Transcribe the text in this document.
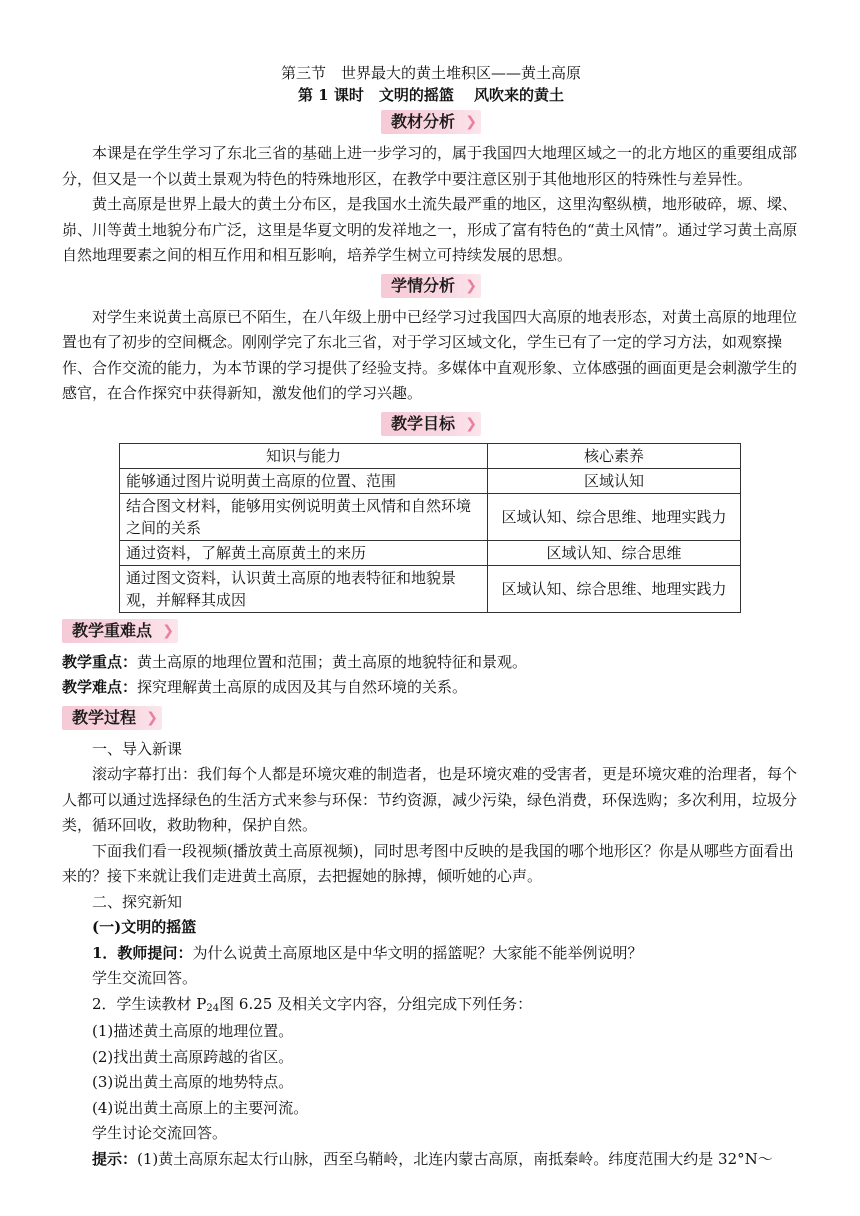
第三节　世界最大的黄土堆积区——黄土高原
第 1 课时　文明的摇篮　 风吹来的黄土
教材分析 ❯

本课是在学生学习了东北三省的基础上进一步学习的，属于我国四大地理区域之一的北方地区的重要组成部分，但又是一个以黄土景观为特色的特殊地形区，在教学中要注意区别于其他地形区的特殊性与差异性。

黄土高原是世界上最大的黄土分布区，是我国水土流失最严重的地区，这里沟壑纵横，地形破碎，塬、墚、峁、川等黄土地貌分布广泛，这里是华夏文明的发祥地之一，形成了富有特色的“黄土风情”。通过学习黄土高原自然地理要素之间的相互作用和相互影响，培养学生树立可持续发展的思想。

学情分析 ❯

对学生来说黄土高原已不陌生，在八年级上册中已经学习过我国四大高原的地表形态，对黄土高原的地理位置也有了初步的空间概念。刚刚学完了东北三省，对于学习区域文化，学生已有了一定的学习方法，如观察操作、合作交流的能力，为本节课的学习提供了经验支持。多媒体中直观形象、立体感强的画面更是会刺激学生的感官，在合作探究中获得新知，激发他们的学习兴趣。

教学目标 ❯
知识与能力	核心素养
能够通过图片说明黄土高原的位置、范围	区域认知
结合图文材料，能够用实例说明黄土风情和自然环境之间的关系	区域认知、综合思维、地理实践力
通过资料，了解黄土高原黄土的来历	区域认知、综合思维
通过图文资料，认识黄土高原的地表特征和地貌景观，并解释其成因	区域认知、综合思维、地理实践力
教学重难点 ❯

教学重点：黄土高原的地理位置和范围；黄土高原的地貌特征和景观。

教学难点：探究理解黄土高原的成因及其与自然环境的关系。

教学过程 ❯

一、导入新课

滚动字幕打出：我们每个人都是环境灾难的制造者，也是环境灾难的受害者，更是环境灾难的治理者，每个人都可以通过选择绿色的生活方式来参与环保：节约资源，减少污染，绿色消费，环保选购；多次利用，垃圾分类，循环回收，救助物种，保护自然。

下面我们看一段视频(播放黄土高原视频)，同时思考图中反映的是我国的哪个地形区？你是从哪些方面看出来的？接下来就让我们走进黄土高原，去把握她的脉搏，倾听她的心声。

二、探究新知

(一)文明的摇篮

1．教师提问：为什么说黄土高原地区是中华文明的摇篮呢？大家能不能举例说明？

学生交流回答。

2．学生读教材 $P_{24}$图 6.25 及相关文字内容，分组完成下列任务：

(1)描述黄土高原的地理位置。

(2)找出黄土高原跨越的省区。

(3)说出黄土高原的地势特点。

(4)说出黄土高原上的主要河流。

学生讨论交流回答。

提示：(1)黄土高原东起太行山脉，西至乌鞘岭，北连内蒙古高原，南抵秦岭。纬度范围大约是 32°N～
